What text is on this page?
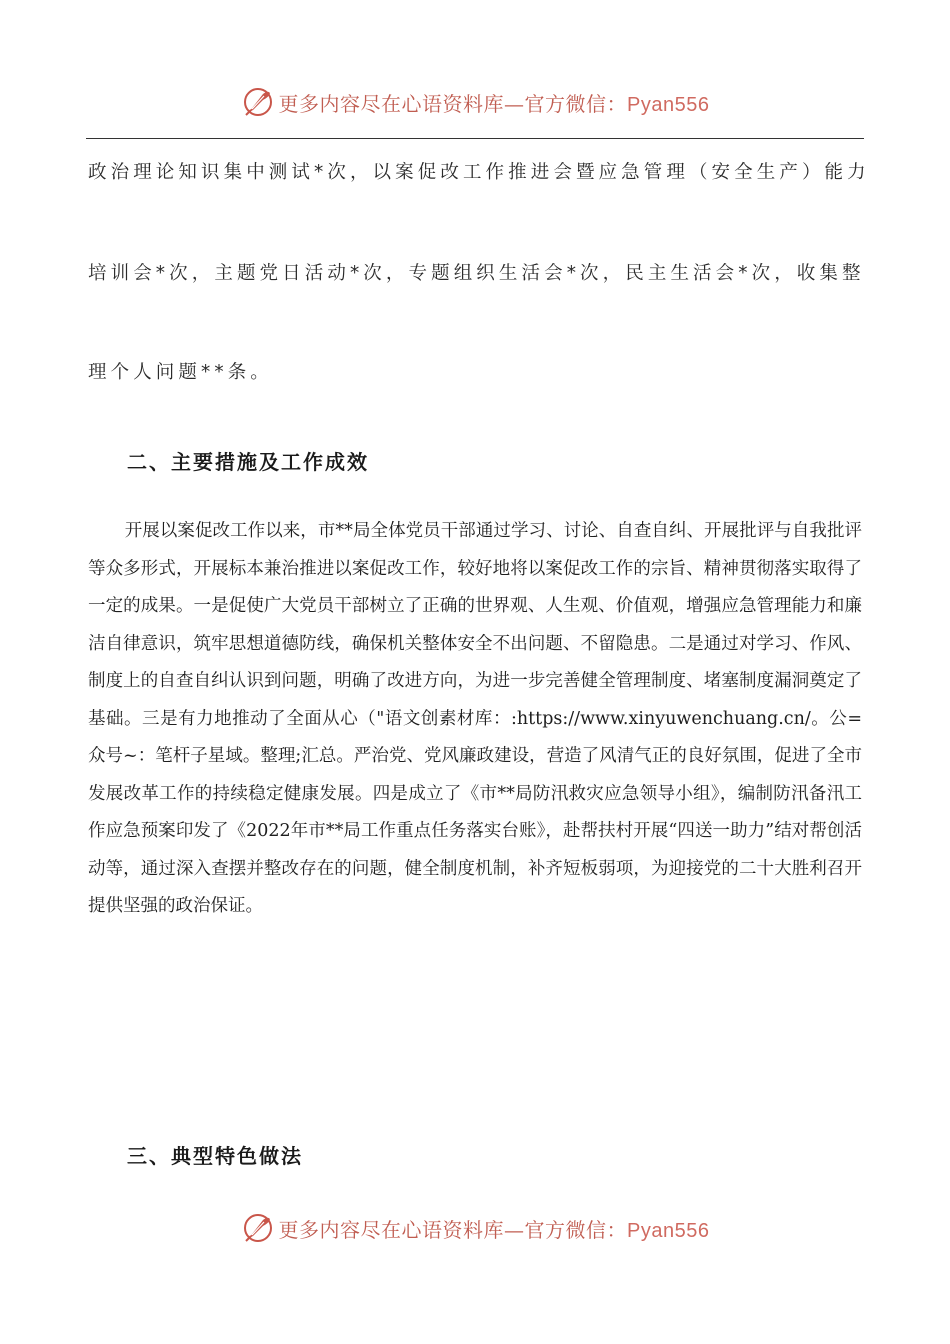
更多内容尽在心语资料库—官方微信：Pyan556
政治理论知识集中测试*次，以案促改工作推进会暨应急管理（安全生产）能力
培训会*次，主题党日活动*次，专题组织生活会*次，民主生活会*次，收集整
理个人问题**条。
二、主要措施及工作成效

开展以案促改工作以来，市**局全体党员干部通过学习、讨论、自查自纠、开展批评与自我批评等众多形式，开展标本兼治推进以案促改工作，较好地将以案促改工作的宗旨、精神贯彻落实取得了一定的成果。一是促使广大党员干部树立了正确的世界观、人生观、价值观，增强应急管理能力和廉洁自律意识，筑牢思想道德防线，确保机关整体安全不出问题、不留隐患。二是通过对学习、作风、制度上的自查自纠认识到问题，明确了改进方向，为进一步完善健全管理制度、堵塞制度漏洞奠定了基础。三是有力地推动了全面从心（"语文创素材库：:https://www.xinyuwenchuang.cn/。公=众号~：笔杆子星域。整理;汇总。严治党、党风廉政建设，营造了风清气正的良好氛围，促进了全市发展改革工作的持续稳定健康发展。四是成立了《市**局防汛救灾应急领导小组》，编制防汛备汛工作应急预案印发了《2022年市**局工作重点任务落实台账》，赴帮扶村开展“四送一助力”结对帮创活动等，通过深入查摆并整改存在的问题，健全制度机制，补齐短板弱项，为迎接党的二十大胜利召开提供坚强的政治保证。

三、典型特色做法
更多内容尽在心语资料库—官方微信：Pyan556
